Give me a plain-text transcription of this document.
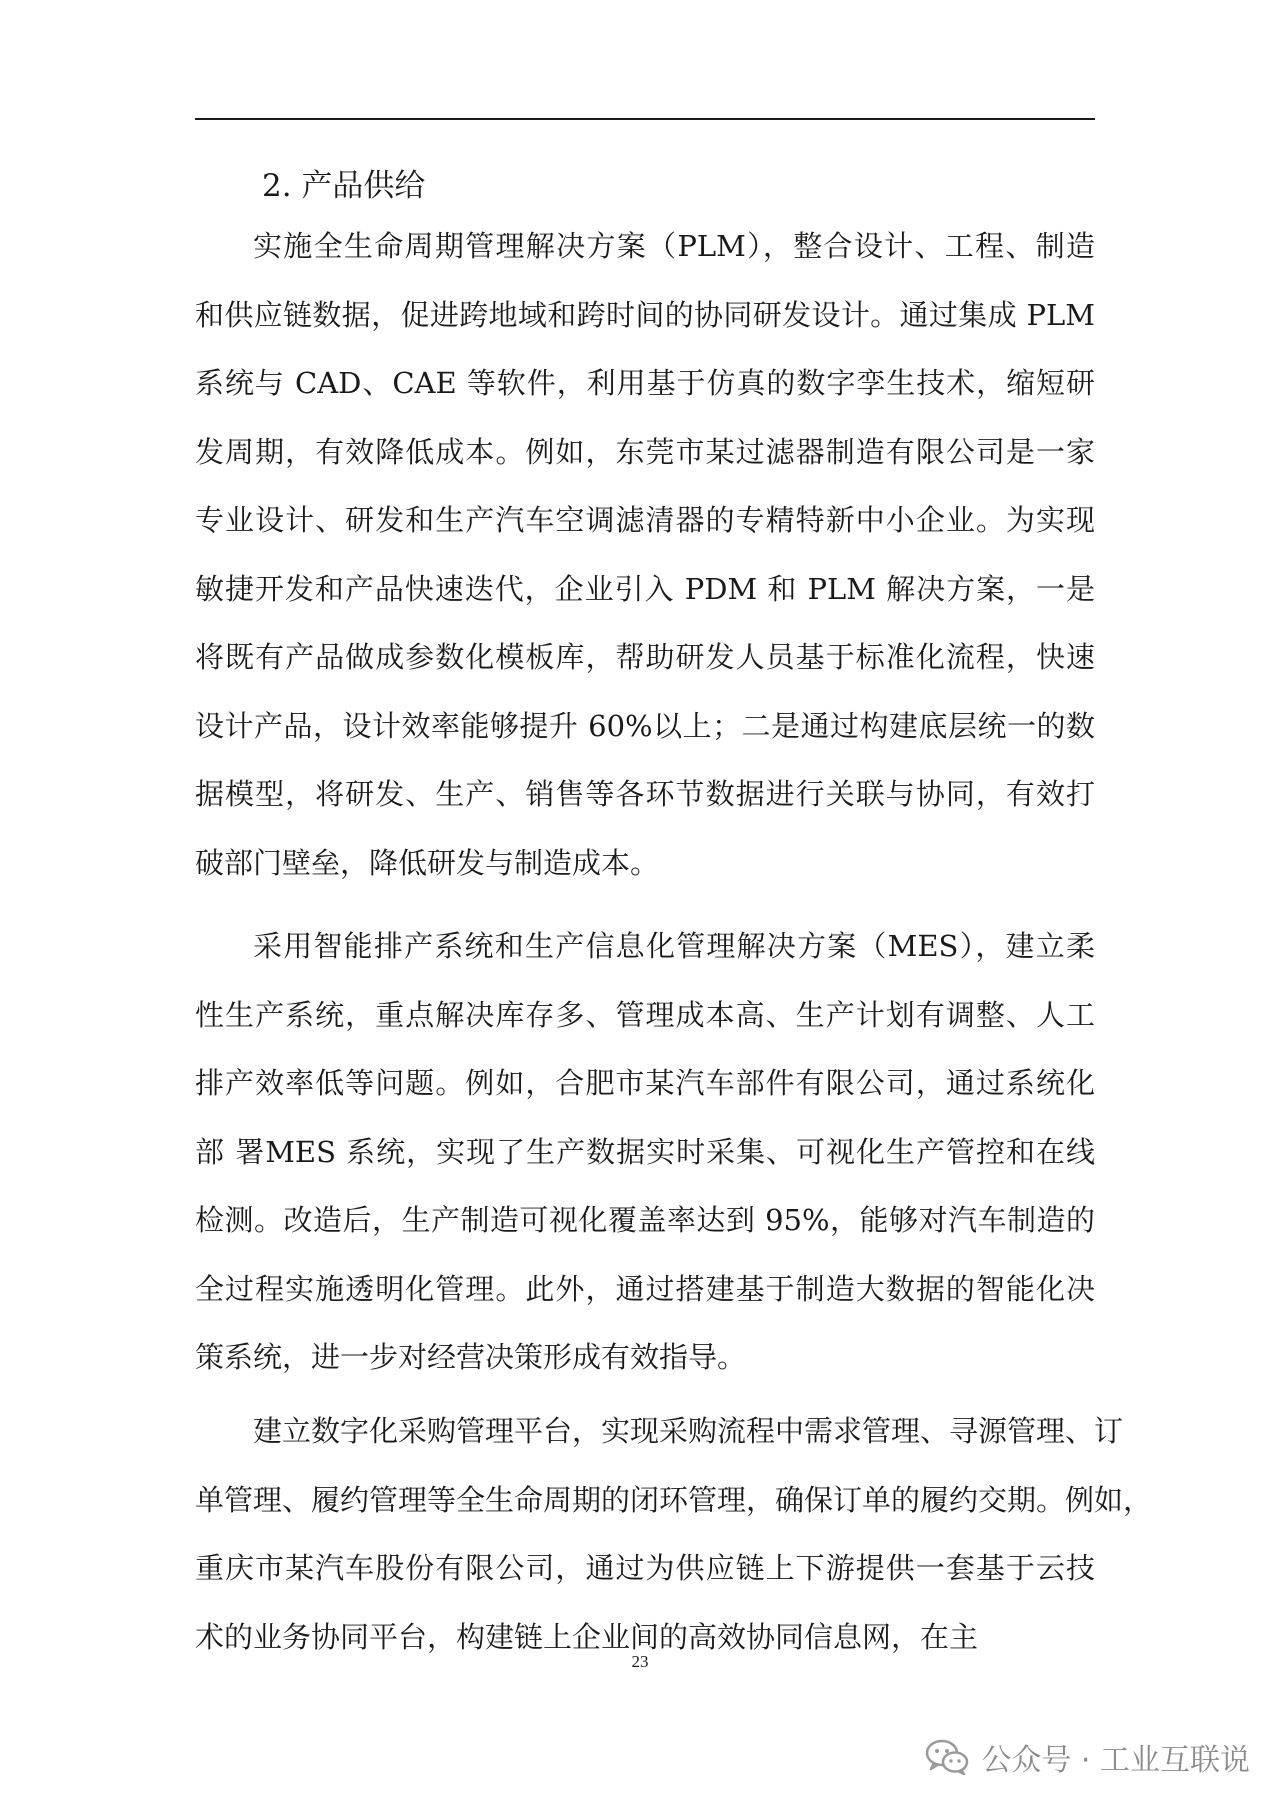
2. 产品供给
实施全生命周期管理解决方案（PLM），整合设计、工程、制造
和供应链数据，促进跨地域和跨时间的协同研发设计。通过集成 PLM
系统与 CAD、CAE 等软件，利用基于仿真的数字孪生技术，缩短研
发周期，有效降低成本。例如，东莞市某过滤器制造有限公司是一家
专业设计、研发和生产汽车空调滤清器的专精特新中小企业。为实现
敏捷开发和产品快速迭代，企业引入 PDM 和 PLM 解决方案，一是
将既有产品做成参数化模板库，帮助研发人员基于标准化流程，快速
设计产品，设计效率能够提升 60%以上；二是通过构建底层统一的数
据模型，将研发、生产、销售等各环节数据进行关联与协同，有效打
破部门壁垒，降低研发与制造成本。
采用智能排产系统和生产信息化管理解决方案（MES），建立柔
性生产系统，重点解决库存多、管理成本高、生产计划有调整、人工
排产效率低等问题。例如，合肥市某汽车部件有限公司，通过系统化
部 署MES 系统，实现了生产数据实时采集、可视化生产管控和在线
检测。改造后，生产制造可视化覆盖率达到 95%，能够对汽车制造的
全过程实施透明化管理。此外，通过搭建基于制造大数据的智能化决
策系统，进一步对经营决策形成有效指导。
建立数字化采购管理平台，实现采购流程中需求管理、寻源管理、订
单管理、履约管理等全生命周期的闭环管理，确保订单的履约交期。例如，
重庆市某汽车股份有限公司，通过为供应链上下游提供一套基于云技
术的业务协同平台，构建链上企业间的高效协同信息网，在主
23
公众号 · 工业互联说
